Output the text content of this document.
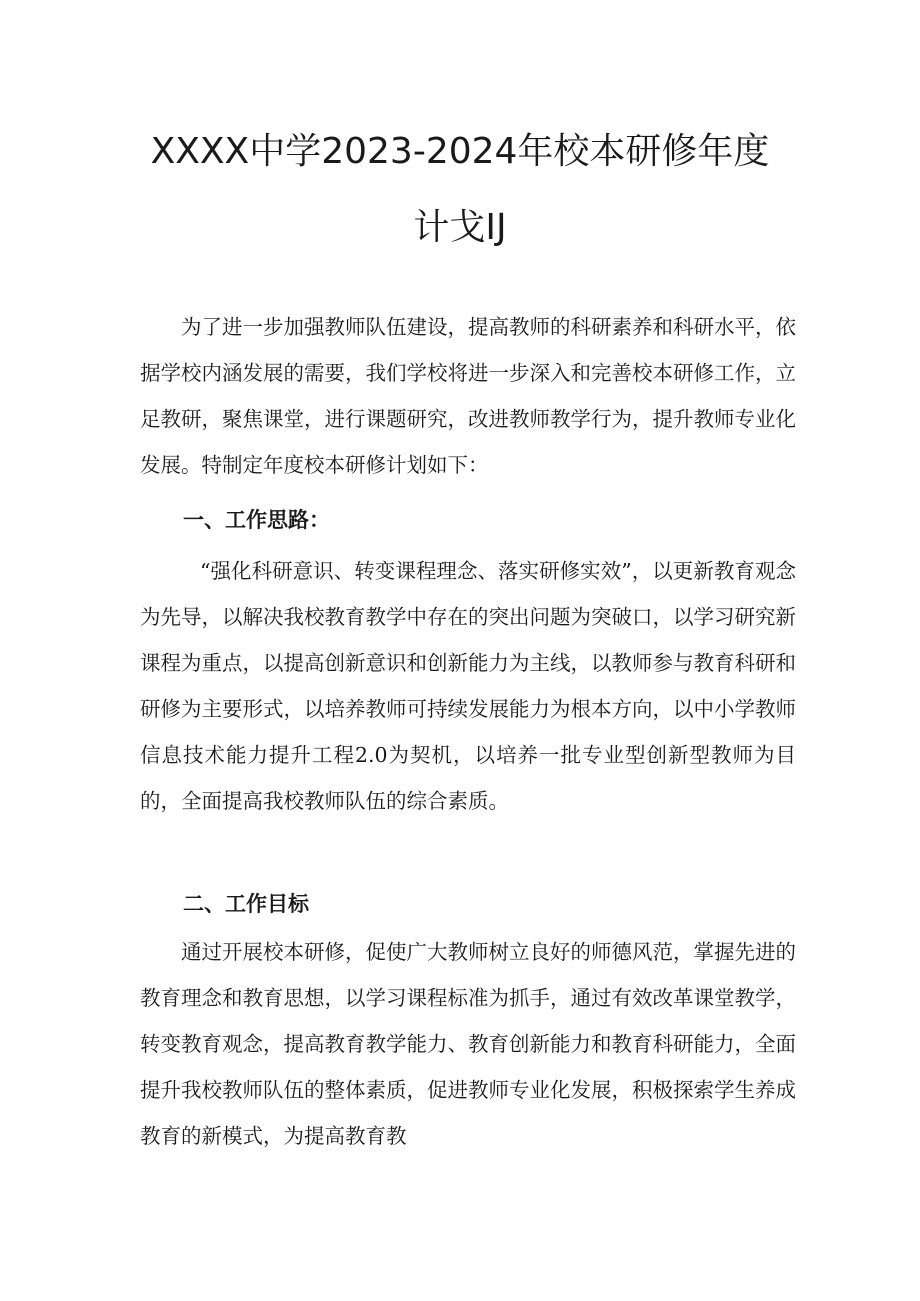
XXXX中学2023-2024年校本研修年度
计戈IJ

为了进一步加强教师队伍建设，提高教师的科研素养和科研水平，依据学校内涵发展的需要，我们学校将进一步深入和完善校本研修工作，立足教研，聚焦课堂，进行课题研究，改进教师教学行为，提升教师专业化发展。特制定年度校本研修计划如下：

一、工作思路：

“强化科研意识、转变课程理念、落实研修实效”，以更新教育观念为先导，以解决我校教育教学中存在的突出问题为突破口，以学习研究新课程为重点，以提高创新意识和创新能力为主线，以教师参与教育科研和研修为主要形式，以培养教师可持续发展能力为根本方向，以中小学教师信息技术能力提升工程2.0为契机，以培养一批专业型创新型教师为目的，全面提高我校教师队伍的综合素质。

二、工作目标

通过开展校本研修，促使广大教师树立良好的师德风范，掌握先进的教育理念和教育思想，以学习课程标准为抓手，通过有效改革课堂教学，转变教育观念，提高教育教学能力、教育创新能力和教育科研能力，全面提升我校教师队伍的整体素质，促进教师专业化发展，积极探索学生养成教育的新模式，为提高教育教
